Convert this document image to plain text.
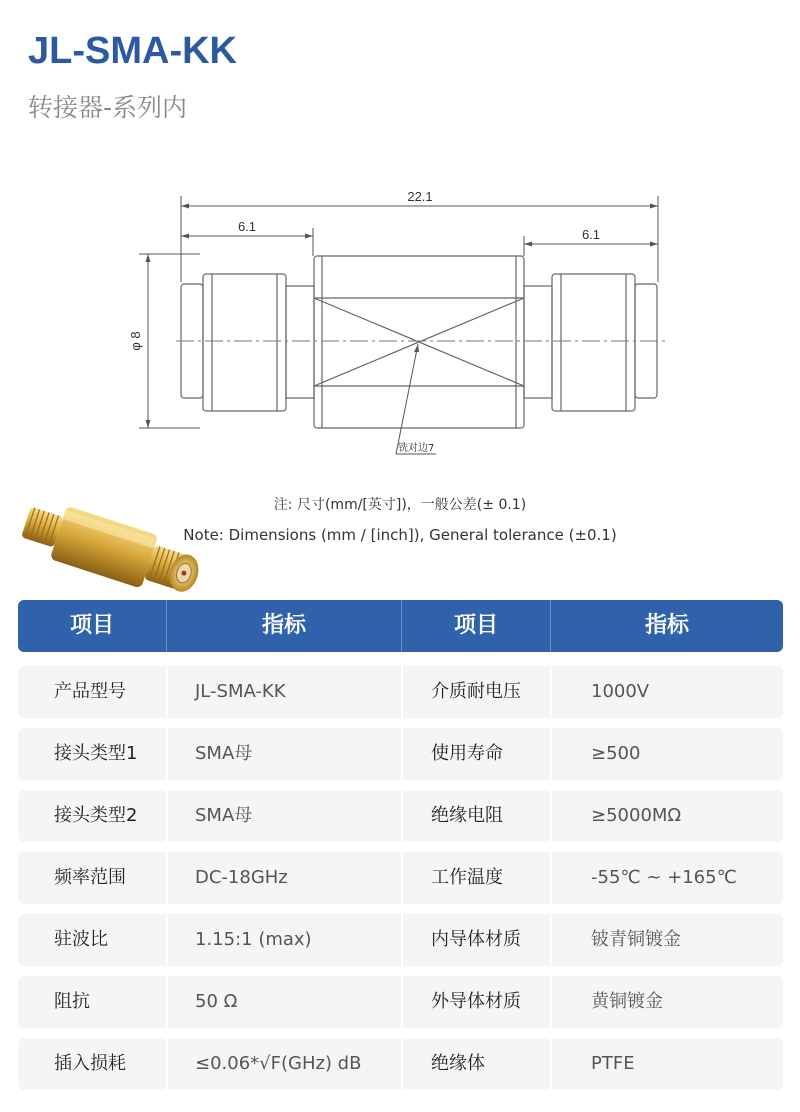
JL-SMA-KK
转接器-系列内
22.1
6.1
6.1
φ 8
铣对边7
注: 尺寸(mm/[英寸])，一般公差(± 0.1)
Note: Dimensions (mm / [inch]), General tolerance (±0.1)
项目	指标	项目	指标
产品型号	JL-SMA-KK	介质耐电压	1000V
接头类型1	SMA母	使用寿命	≥500
接头类型2	SMA母	绝缘电阻	≥5000MΩ
频率范围	DC-18GHz	工作温度	-55℃ ~ +165℃
驻波比	1.15:1 (max)	内导体材质	铍青铜镀金
阻抗	50 Ω	外导体材质	黄铜镀金
插入损耗	≤0.06*√F(GHz) dB	绝缘体	PTFE
